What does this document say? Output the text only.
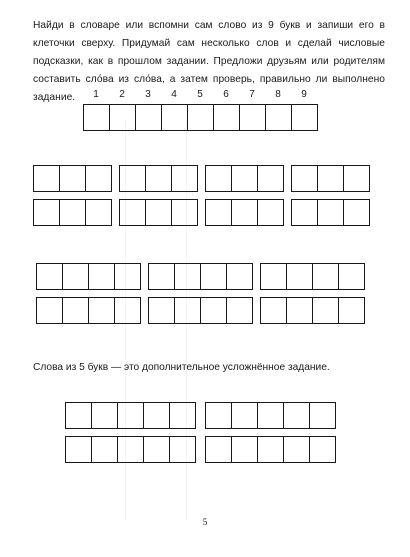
Найди в словаре или вспомни сам слово из 9 букв и запиши его в клеточки сверху. Придумай сам несколько слов и сделай числовые подсказки, как в прошлом задании. Предложи друзьям или родителям составить сло́ва из сло́ва, а затем проверь, правильно ли выполнено задание.	1	2	3	4	5	6	7	8	9
Слова из 5 букв — это дополнительное усложнённое задание.
5
